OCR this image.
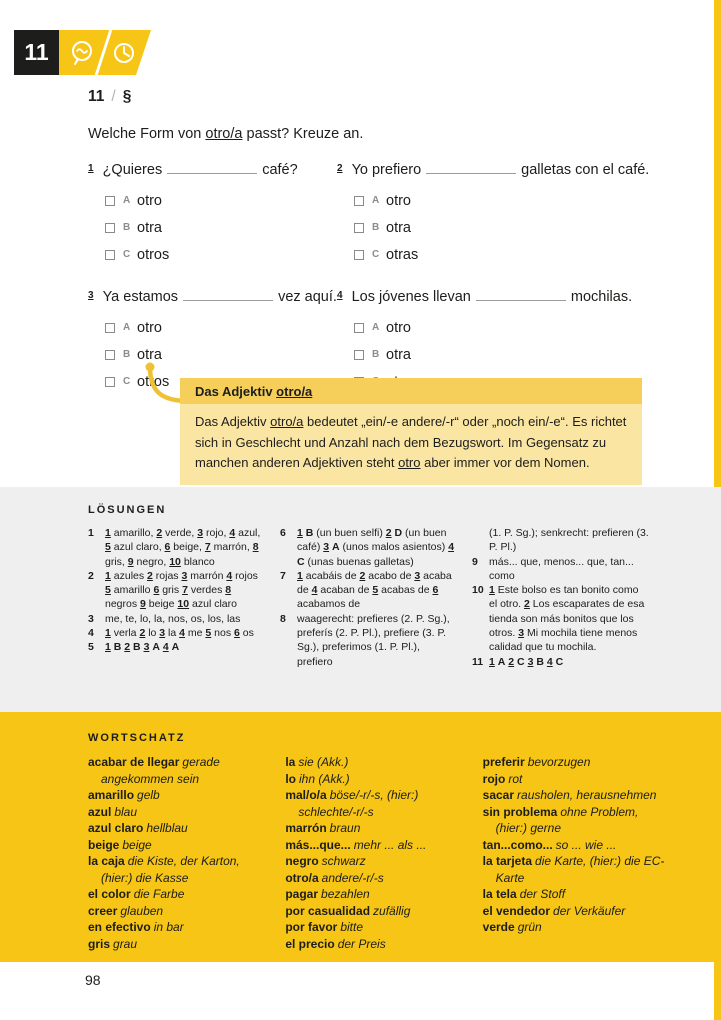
11
11 / §

Welche Form von otro/a passt? Kreuze an.

$^1$ ¿Quieres	café?
A otro
B otra
C otros
$^2$ Yo prefiero	galletas con el café.
A otro
B otra
C otras
$^3$ Ya estamos	vez aquí.
A otro
B otra
C otros
$^4$ Los jóvenes llevan	mochilas.
A otro
B otra
Das Adjektiv otro/a
Das Adjektiv otro/a bedeutet „ein/-e andere/-r“ oder „noch ein/-e“. Es richtet sich in Geschlecht und Anzahl nach dem Bezugswort. Im Gegensatz zu manchen anderen Adjektiven steht otro aber immer vor dem Nomen.
LÖSUNGEN
1	1 amarillo, 2 verde, 3 rojo, 4 azul, 5 azul claro, 6 beige, 7 marrón, 8 gris, 9 negro, 10 blanco
2	1 azules 2 rojas 3 marrón 4 rojos 5 amarillo 6 gris 7 verdes 8 negros 9 beige 10 azul claro
3	me, te, lo, la, nos, os, los, las
4	1 verla 2 lo 3 la 4 me 5 nos 6 os
5	1 B 2 B 3 A 4 A
6	1 B (un buen selfi) 2 D (un buen café) 3 A (unos malos asientos) 4 C (unas buenas galletas)
7	1 acabáis de 2 acabo de 3 acaba de 4 acaban de 5 acabas de 6 acabamos de
8	waagerecht: prefieres (2. P. Sg.), preferís (2. P. Pl.), prefiere (3. P. Sg.), preferimos (1. P. Pl.), prefiero
(1. P. Sg.); senkrecht: prefieren (3. P. Pl.)
9	más... que, menos... que, tan... como
10 1 Este bolso es tan bonito como el otro. 2 Los escaparates de esa tienda son más bonitos que los otros. 3 Mi mochila tiene menos calidad que tu mochila.
11 1 A 2 C 3 B 4 C
WORTSCHATZ
acabar de llegar gerade angekommen sein
amarillo gelb
azul blau
azul claro hellblau
beige beige
la caja die Kiste, der Karton, (hier:) die Kasse
el color die Farbe
creer glauben
en efectivo in bar
gris grau
la sie (Akk.)
lo ihn (Akk.)
mal/o/a böse/-r/-s, (hier:) schlechte/-r/-s
marrón braun
más...que... mehr ... als ...
negro schwarz
otro/a andere/-r/-s
pagar bezahlen
por casualidad zufällig
por favor bitte
el precio der Preis
preferir bevorzugen
rojo rot
sacar rausholen, herausnehmen
sin problema ohne Problem, (hier:) gerne
tan...como... so ... wie ...
la tarjeta die Karte, (hier:) die EC-Karte
la tela der Stoff
el vendedor der Verkäufer
verde grün
98
